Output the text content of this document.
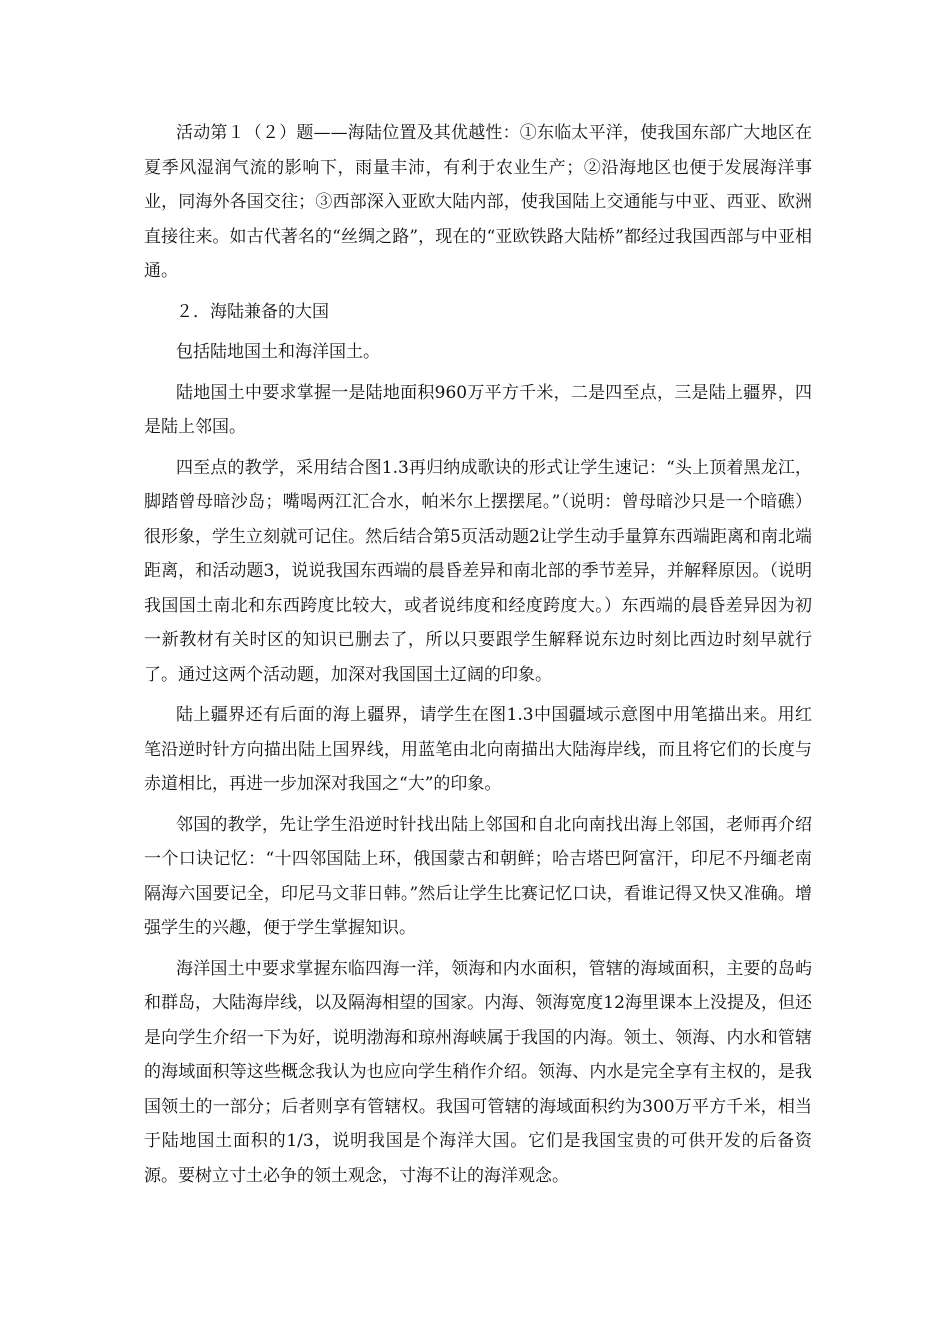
活动第１（２）题——海陆位置及其优越性：①东临太平洋，使我国东部广大地区在夏季风湿润气流的影响下，雨量丰沛，有利于农业生产；②沿海地区也便于发展海洋事业，同海外各国交往；③西部深入亚欧大陆内部，使我国陆上交通能与中亚、西亚、欧洲直接往来。如古代著名的“丝绸之路”，现在的“亚欧铁路大陆桥”都经过我国西部与中亚相通。

２．海陆兼备的大国

包括陆地国土和海洋国土。

陆地国土中要求掌握一是陆地面积960万平方千米，二是四至点，三是陆上疆界，四是陆上邻国。

四至点的教学，采用结合图1.3再归纳成歌诀的形式让学生速记：“头上顶着黑龙江，脚踏曾母暗沙岛；嘴喝两江汇合水，帕米尔上摆摆尾。”（说明：曾母暗沙只是一个暗礁）很形象，学生立刻就可记住。然后结合第5页活动题2让学生动手量算东西端距离和南北端距离，和活动题3，说说我国东西端的晨昏差异和南北部的季节差异，并解释原因。（说明我国国土南北和东西跨度比较大，或者说纬度和经度跨度大。）东西端的晨昏差异因为初一新教材有关时区的知识已删去了，所以只要跟学生解释说东边时刻比西边时刻早就行了。通过这两个活动题，加深对我国国土辽阔的印象。

陆上疆界还有后面的海上疆界，请学生在图1.3中国疆域示意图中用笔描出来。用红笔沿逆时针方向描出陆上国界线，用蓝笔由北向南描出大陆海岸线，而且将它们的长度与赤道相比，再进一步加深对我国之“大”的印象。

邻国的教学，先让学生沿逆时针找出陆上邻国和自北向南找出海上邻国，老师再介绍一个口诀记忆：“十四邻国陆上环，俄国蒙古和朝鲜；哈吉塔巴阿富汗，印尼不丹缅老南隔海六国要记全，印尼马文菲日韩。”然后让学生比赛记忆口诀，看谁记得又快又准确。增强学生的兴趣，便于学生掌握知识。

海洋国土中要求掌握东临四海一洋，领海和内水面积，管辖的海域面积，主要的岛屿和群岛，大陆海岸线，以及隔海相望的国家。内海、领海宽度12海里课本上没提及，但还是向学生介绍一下为好，说明渤海和琼州海峡属于我国的内海。领土、领海、内水和管辖的海域面积等这些概念我认为也应向学生稍作介绍。领海、内水是完全享有主权的，是我国领土的一部分；后者则享有管辖权。我国可管辖的海域面积约为300万平方千米，相当于陆地国土面积的1/3，说明我国是个海洋大国。它们是我国宝贵的可供开发的后备资源。要树立寸土必争的领土观念，寸海不让的海洋观念。
